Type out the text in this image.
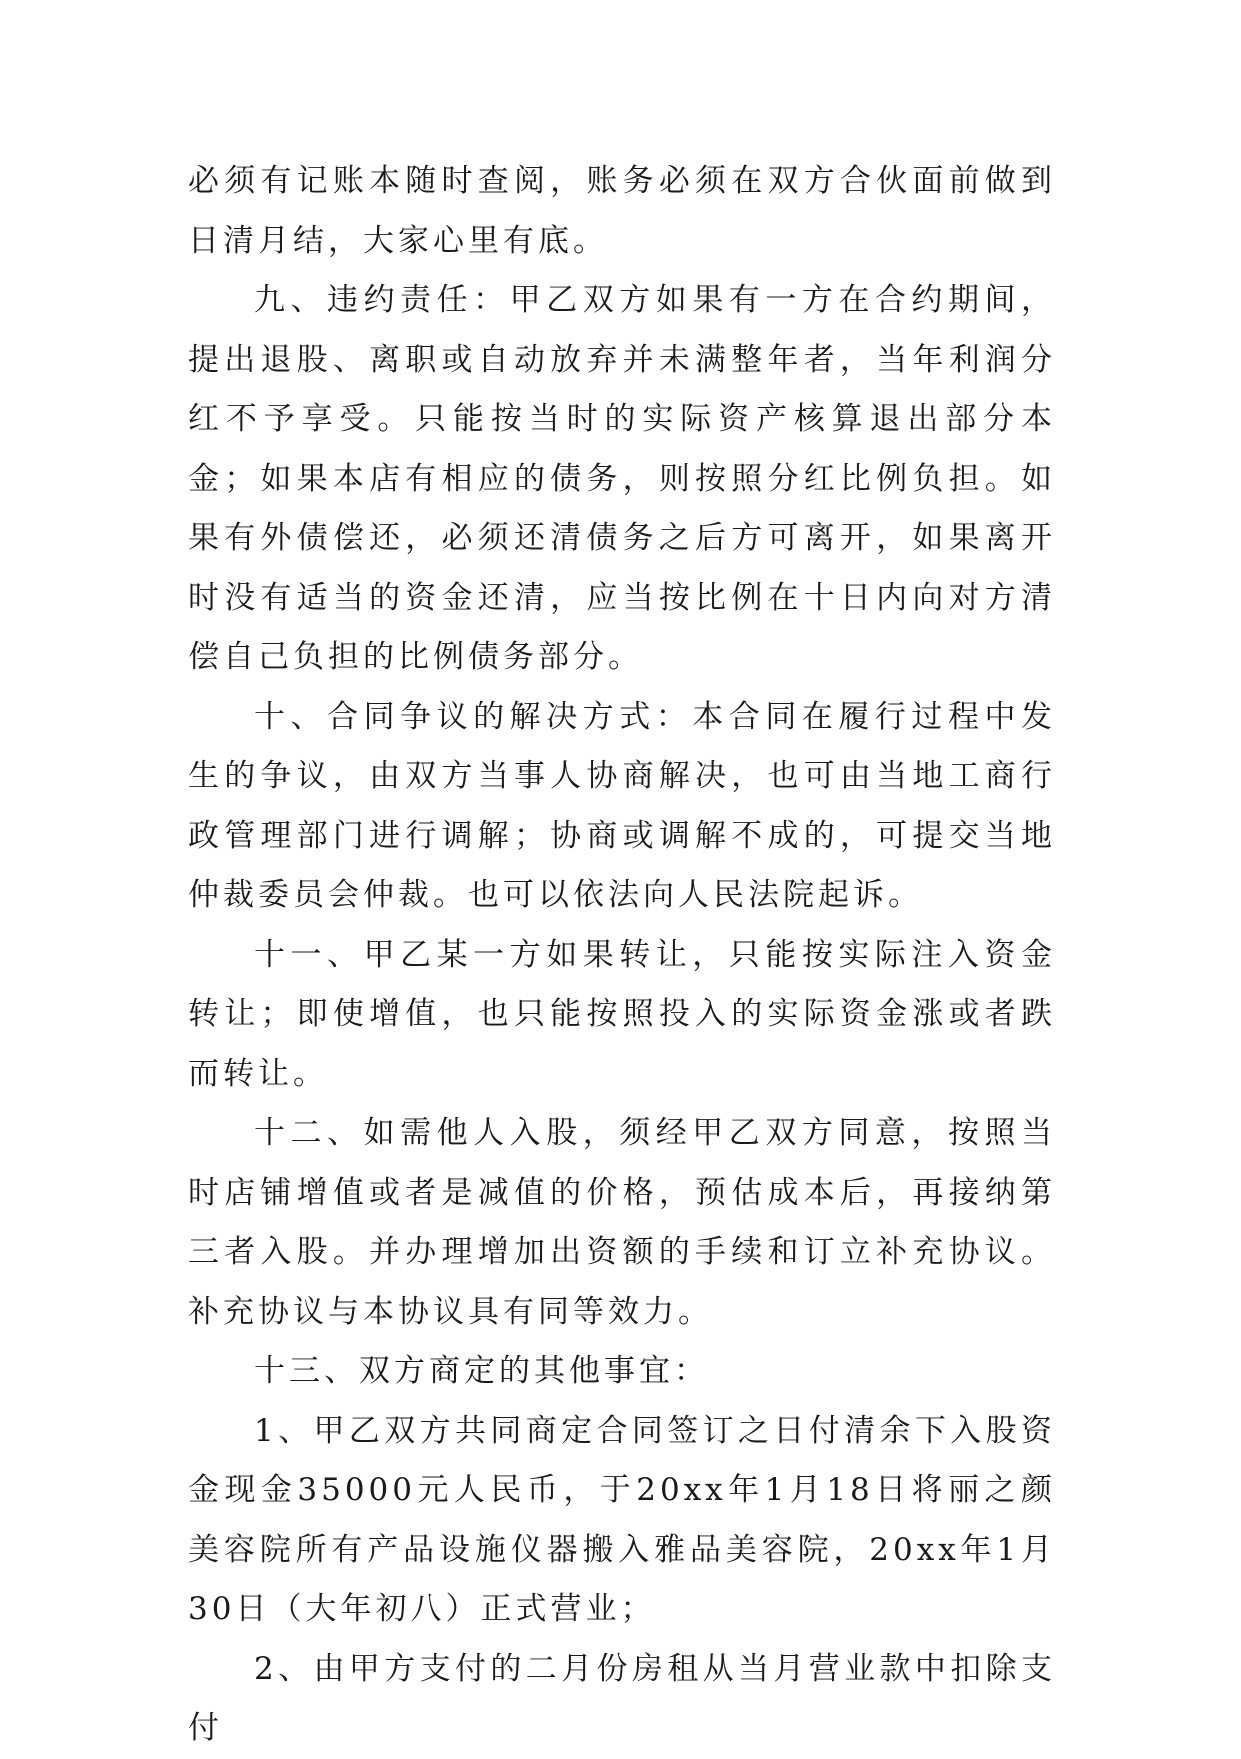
必须有记账本随时查阅，账务必须在双方合伙面前做到日清月结，大家心里有底。

九、违约责任：甲乙双方如果有一方在合约期间，提出退股、离职或自动放弃并未满整年者，当年利润分红不予享受。只能按当时的实际资产核算退出部分本金；如果本店有相应的债务，则按照分红比例负担。如果有外债偿还，必须还清债务之后方可离开，如果离开时没有适当的资金还清，应当按比例在十日内向对方清偿自己负担的比例债务部分。

十、合同争议的解决方式：本合同在履行过程中发生的争议，由双方当事人协商解决，也可由当地工商行政管理部门进行调解；协商或调解不成的，可提交当地仲裁委员会仲裁。也可以依法向人民法院起诉。

十一、甲乙某一方如果转让，只能按实际注入资金转让；即使增值，也只能按照投入的实际资金涨或者跌而转让。

十二、如需他人入股，须经甲乙双方同意，按照当时店铺增值或者是减值的价格，预估成本后，再接纳第三者入股。并办理增加出资额的手续和订立补充协议。补充协议与本协议具有同等效力。

十三、双方商定的其他事宜：

1、甲乙双方共同商定合同签订之日付清余下入股资金现金35000元人民币，于20xx年1月18日将丽之颜美容院所有产品设施仪器搬入雅品美容院，20xx年1月30日（大年初八）正式营业；

2、由甲方支付的二月份房租从当月营业款中扣除支付
